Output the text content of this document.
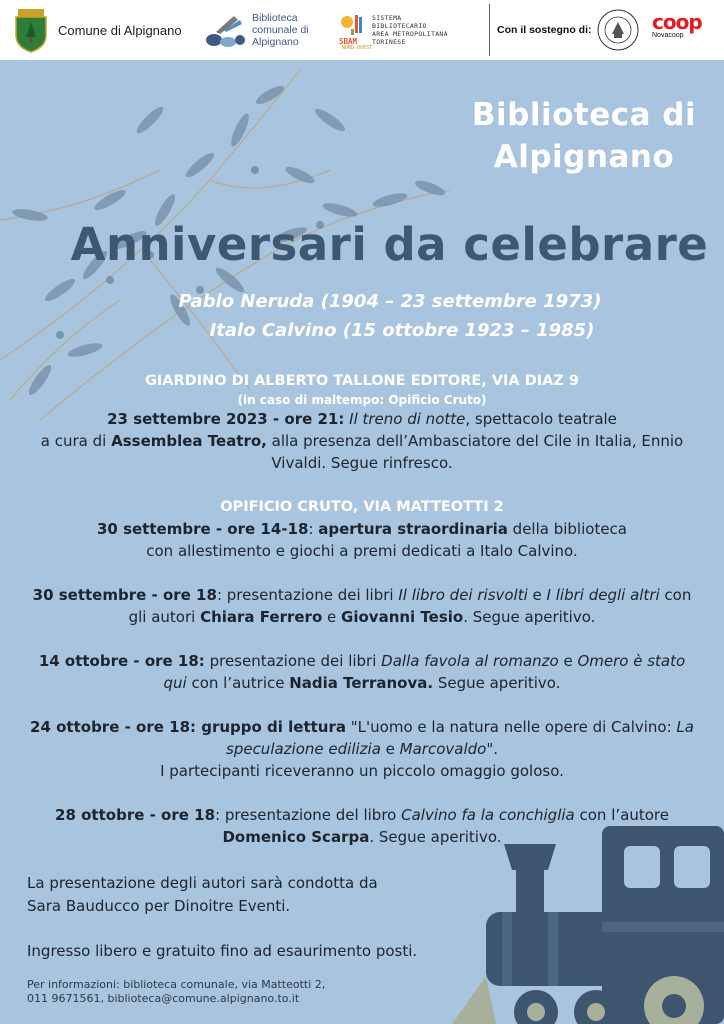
Comune di Alpignano
Biblioteca
comunale di
Alpignano	SBAM
SISTEMA
BIBLIOTECARIO
AREA METROPOLITANA
TORINESE
NORD-OVEST
Con il sostegno di:	coop
Novacoop
Biblioteca di
Alpignano
Anniversari da celebrare
Pablo Neruda (1904 – 23 settembre 1973)
Italo Calvino (15 ottobre 1923 – 1985)
GIARDINO DI ALBERTO TALLONE EDITORE, VIA DIAZ 9
(in caso di maltempo: Opificio Cruto)
23 settembre 2023 - ore 21: Il treno di notte, spettacolo teatrale
a cura di Assemblea Teatro, alla presenza dell’Ambasciatore del Cile in Italia, Ennio
Vivaldi. Segue rinfresco.
OPIFICIO CRUTO, VIA MATTEOTTI 2
30 settembre - ore 14-18: apertura straordinaria della biblioteca
con allestimento e giochi a premi dedicati a Italo Calvino.
30 settembre - ore 18: presentazione dei libri Il libro dei risvolti e I libri degli altri con
gli autori Chiara Ferrero e Giovanni Tesio. Segue aperitivo.
14 ottobre - ore 18: presentazione dei libri Dalla favola al romanzo e Omero è stato
qui con l’autrice Nadia Terranova. Segue aperitivo.
24 ottobre - ore 18: gruppo di lettura "L'uomo e la natura nelle opere di Calvino: La
speculazione edilizia e Marcovaldo".
I partecipanti riceveranno un piccolo omaggio goloso.
28 ottobre - ore 18: presentazione del libro Calvino fa la conchiglia con l’autore
Domenico Scarpa. Segue aperitivo.
La presentazione degli autori sarà condotta da
Sara Bauducco per Dinoitre Eventi.
Ingresso libero e gratuito fino ad esaurimento posti.
Per informazioni: biblioteca comunale, via Matteotti 2,
011 9671561, biblioteca@comune.alpignano.to.it
